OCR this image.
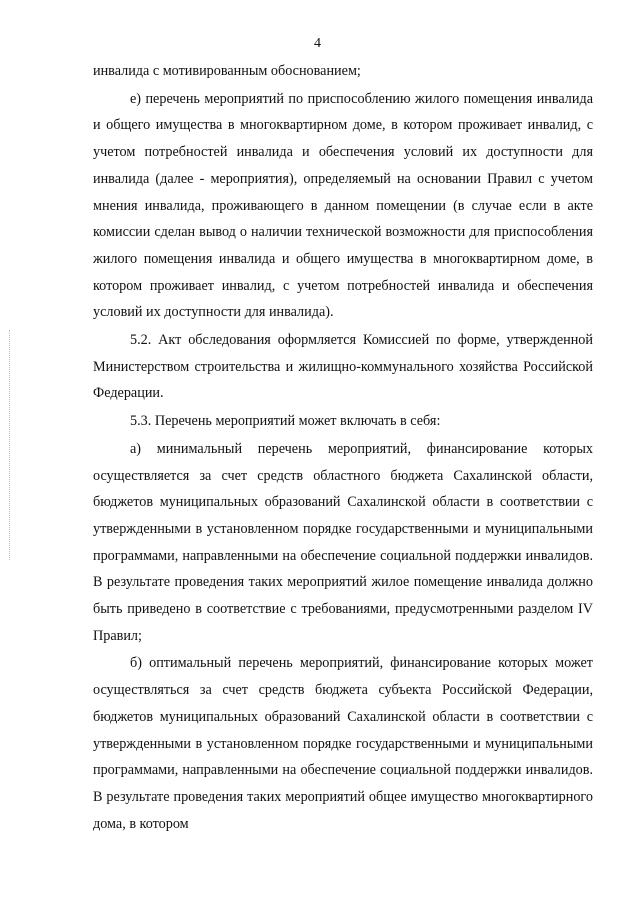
4

инвалида с мотивированным обоснованием;

е) перечень мероприятий по приспособлению жилого помещения инвалида и общего имущества в многоквартирном доме, в котором проживает инвалид, с учетом потребностей инвалида и обеспечения условий их доступности для инвалида (далее - мероприятия), определяемый на основании Правил с учетом мнения инвалида, проживающего в данном помещении (в случае если в акте комиссии сделан вывод о наличии технической возможности для приспособления жилого помещения инвалида и общего имущества в многоквартирном доме, в котором проживает инвалид, с учетом потребностей инвалида и обеспечения условий их доступности для инвалида).

5.2. Акт обследования оформляется Комиссией по форме, утвержденной Министерством строительства и жилищно-коммунального хозяйства Российской Федерации.

5.3. Перечень мероприятий может включать в себя:

а) минимальный перечень мероприятий, финансирование которых осуществляется за счет средств областного бюджета Сахалинской области, бюджетов муниципальных образований Сахалинской области в соответствии с утвержденными в установленном порядке государственными и муниципальными программами, направленными на обеспечение социальной поддержки инвалидов. В результате проведения таких мероприятий жилое помещение инвалида должно быть приведено в соответствие с требованиями, предусмотренными разделом IV Правил;

б) оптимальный перечень мероприятий, финансирование которых может осуществляться за счет средств бюджета субъекта Российской Федерации, бюджетов муниципальных образований Сахалинской области в соответствии с утвержденными в установленном порядке государственными и муниципальными программами, направленными на обеспечение социальной поддержки инвалидов. В результате проведения таких мероприятий общее имущество многоквартирного дома, в котором
